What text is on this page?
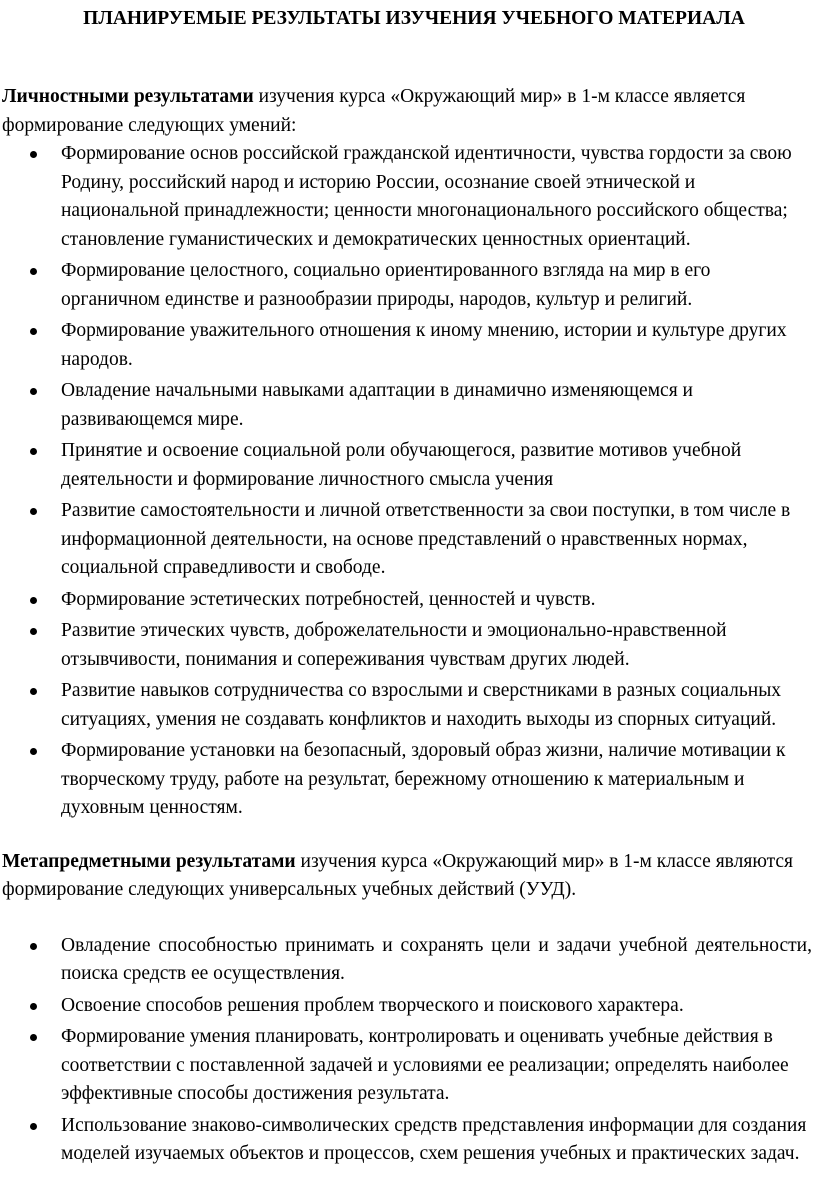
ПЛАНИРУЕМЫЕ РЕЗУЛЬТАТЫ ИЗУЧЕНИЯ УЧЕБНОГО МАТЕРИАЛА

Личностными результатами изучения курса «Окружающий мир» в 1-м классе является формирование следующих умений:

Формирование основ российской гражданской идентичности, чувства гордости за свою Родину, российский народ и историю России, осознание своей этнической и национальной принадлежности; ценности многонационального российского общества; становление гуманистических и демократических ценностных ориентаций.
Формирование целостного, социально ориентированного взгляда на мир в его органичном единстве и разнообразии природы, народов, культур и религий.
Формирование уважительного отношения к иному мнению, истории и культуре других народов.
Овладение начальными навыками адаптации в динамично изменяющемся и развивающемся мире.
Принятие и освоение социальной роли обучающегося, развитие мотивов учебной деятельности и формирование личностного смысла учения
Развитие самостоятельности и личной ответственности за свои поступки, в том числе в информационной деятельности, на основе представлений о нравственных нормах, социальной справедливости и свободе.
Формирование эстетических потребностей, ценностей и чувств.
Развитие этических чувств, доброжелательности и эмоционально-нравственной отзывчивости, понимания и сопереживания чувствам других людей.
Развитие навыков сотрудничества со взрослыми и сверстниками в разных социальных ситуациях, умения не создавать конфликтов и находить выходы из спорных ситуаций.
Формирование установки на безопасный, здоровый образ жизни, наличие мотивации к творческому труду, работе на результат, бережному отношению к материальным и духовным ценностям.

Метапредметными результатами изучения курса «Окружающий мир» в 1-м классе являются формирование следующих универсальных учебных действий (УУД).

Овладение способностью принимать и сохранять цели и задачи учебной деятельности, поиска средств ее осуществления.
Освоение способов решения проблем творческого и поискового характера.
Формирование умения планировать, контролировать и оценивать учебные действия в соответствии с поставленной задачей и условиями ее реализации; определять наиболее эффективные способы достижения результата.
Использование знаково-символических средств представления информации для создания моделей изучаемых объектов и процессов, схем решения учебных и практических задач.
